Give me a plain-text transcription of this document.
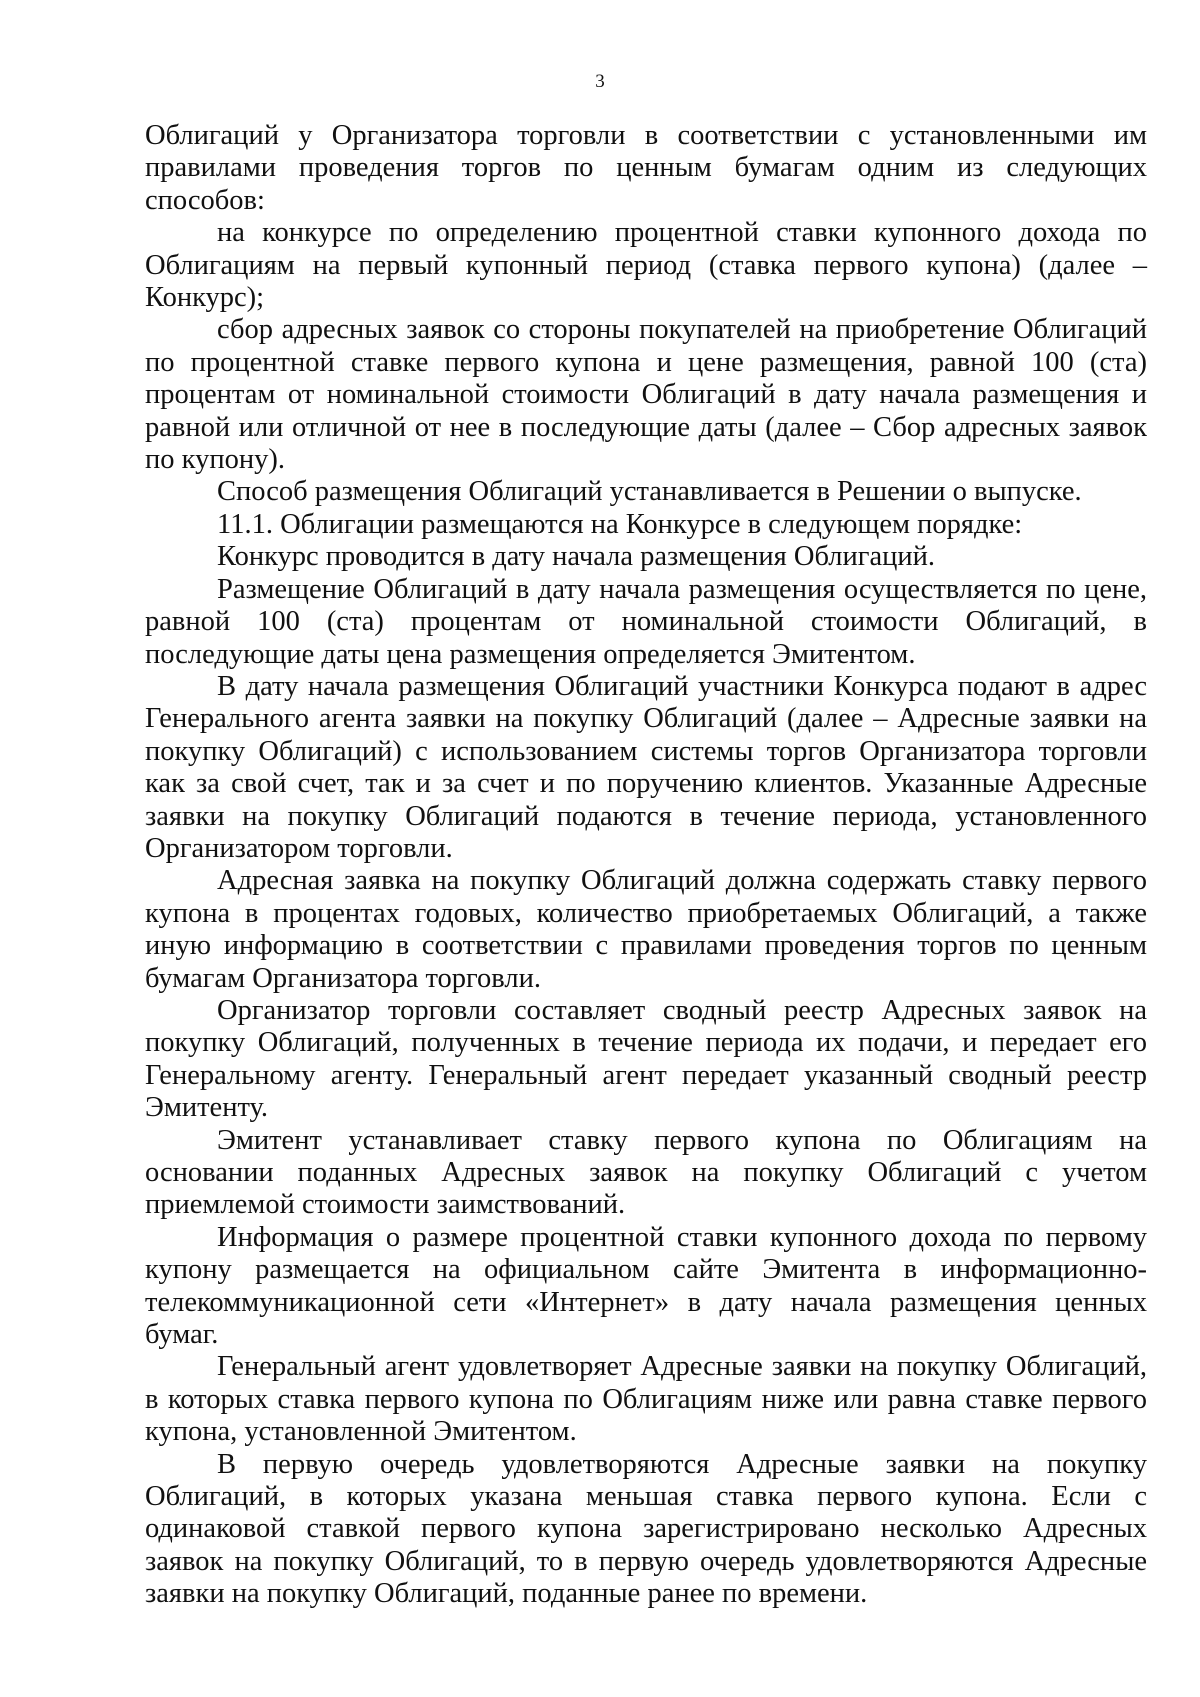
3

Облигаций у Организатора торговли в соответствии с установленными им правилами проведения торгов по ценным бумагам одним из следующих способов:

на конкурсе по определению процентной ставки купонного дохода по Облигациям на первый купонный период (ставка первого купона) (далее – Конкурс);

сбор адресных заявок со стороны покупателей на приобретение Облигаций по процентной ставке первого купона и цене размещения, равной 100 (ста) процентам от номинальной стоимости Облигаций в дату начала размещения и равной или отличной от нее в последующие даты (далее – Сбор адресных заявок по купону).

Способ размещения Облигаций устанавливается в Решении о выпуске.

11.1. Облигации размещаются на Конкурсе в следующем порядке:

Конкурс проводится в дату начала размещения Облигаций.

Размещение Облигаций в дату начала размещения осуществляется по цене, равной 100 (ста) процентам от номинальной стоимости Облигаций, в последующие даты цена размещения определяется Эмитентом.

В дату начала размещения Облигаций участники Конкурса подают в адрес Генерального агента заявки на покупку Облигаций (далее – Адресные заявки на покупку Облигаций) с использованием системы торгов Организатора торговли как за свой счет, так и за счет и по поручению клиентов. Указанные Адресные заявки на покупку Облигаций подаются в течение периода, установленного Организатором торговли.

Адресная заявка на покупку Облигаций должна содержать ставку первого купона в процентах годовых, количество приобретаемых Облигаций, а также иную информацию в соответствии с правилами проведения торгов по ценным бумагам Организатора торговли.

Организатор торговли составляет сводный реестр Адресных заявок на покупку Облигаций, полученных в течение периода их подачи, и передает его Генеральному агенту. Генеральный агент передает указанный сводный реестр Эмитенту.

Эмитент устанавливает ставку первого купона по Облигациям на основании поданных Адресных заявок на покупку Облигаций с учетом приемлемой стоимости заимствований.

Информация о размере процентной ставки купонного дохода по первому купону размещается на официальном сайте Эмитента в информационно-телекоммуникационной сети «Интернет» в дату начала размещения ценных бумаг.

Генеральный агент удовлетворяет Адресные заявки на покупку Облигаций, в которых ставка первого купона по Облигациям ниже или равна ставке первого купона, установленной Эмитентом.

В первую очередь удовлетворяются Адресные заявки на покупку Облигаций, в которых указана меньшая ставка первого купона. Если с одинаковой ставкой первого купона зарегистрировано несколько Адресных заявок на покупку Облигаций, то в первую очередь удовлетворяются Адресные заявки на покупку Облигаций, поданные ранее по времени.
